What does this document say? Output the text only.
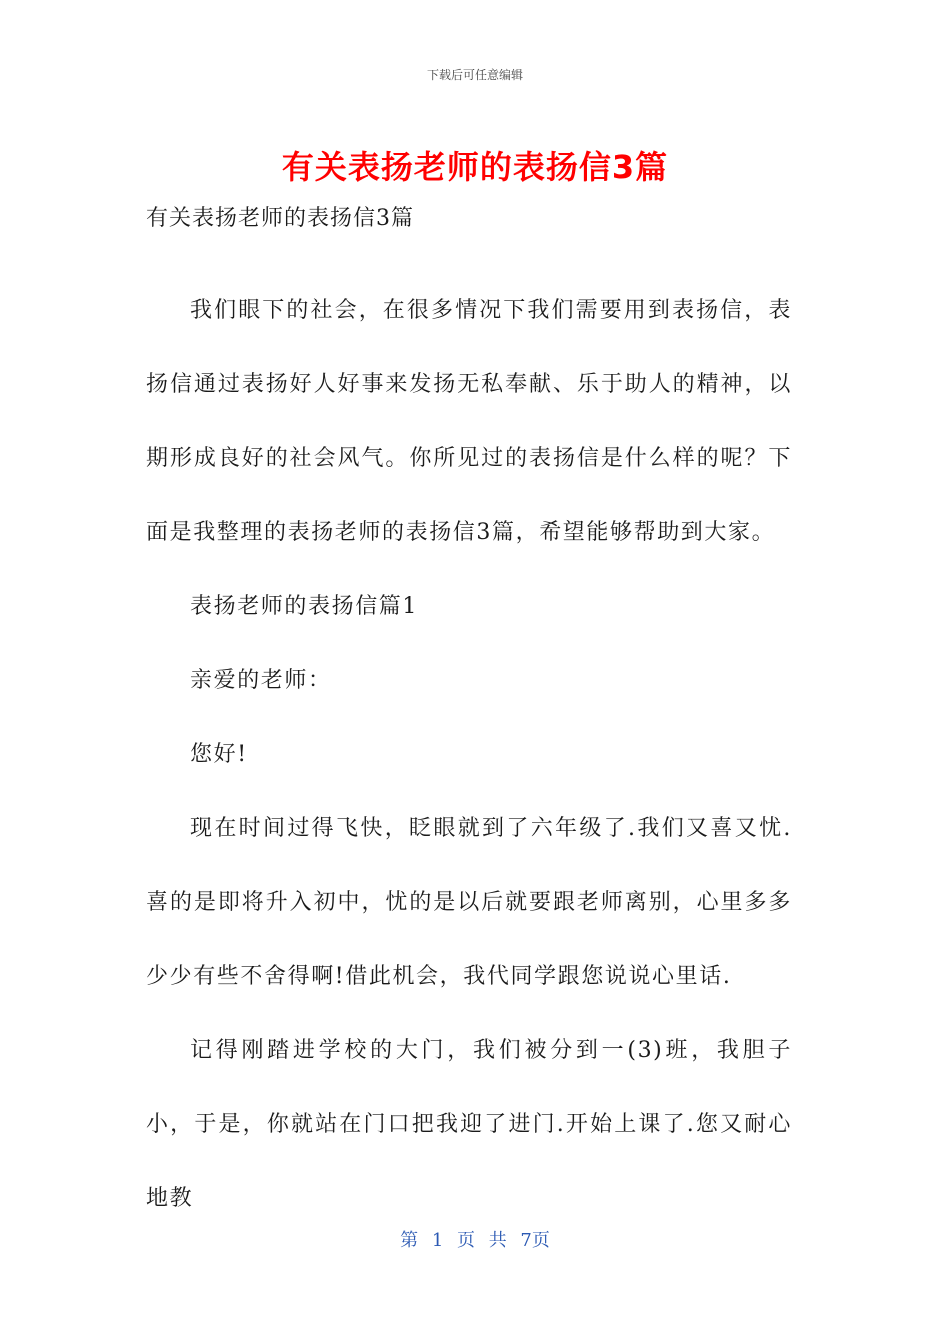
下载后可任意编辑
有关表扬老师的表扬信3篇

有关表扬老师的表扬信3篇

我们眼下的社会，在很多情况下我们需要用到表扬信，表扬信通过表扬好人好事来发扬无私奉献、乐于助人的精神，以期形成良好的社会风气。你所见过的表扬信是什么样的呢？下面是我整理的表扬老师的表扬信3篇，希望能够帮助到大家。

表扬老师的表扬信篇1

亲爱的老师：

您好!

现在时间过得飞快，眨眼就到了六年级了.我们又喜又忧.喜的是即将升入初中，忧的是以后就要跟老师离别，心里多多少少有些不舍得啊!借此机会，我代同学跟您说说心里话.

记得刚踏进学校的大门，我们被分到一(3)班，我胆子小，于是，你就站在门口把我迎了进门.开始上课了.您又耐心地教

第 1 页 共 7页
